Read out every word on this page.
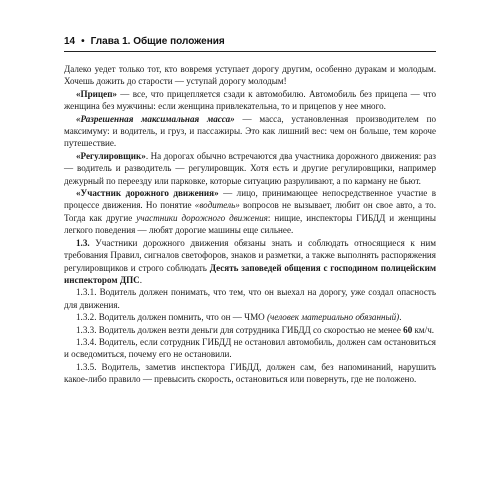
14 • Глава 1. Общие положения

Далеко уедет только тот, кто вовремя уступает дорогу другим, особенно дуракам и молодым. Хочешь дожить до старости — уступай дорогу молодым!

«Прицеп» — все, что прицепляется сзади к автомобилю. Автомобиль без прицепа — что женщина без мужчины: если женщина привлекательна, то и прицепов у нее много.

«Разрешенная максимальная масса» — масса, установленная производителем по максимуму: и водитель, и груз, и пассажиры. Это как лишний вес: чем он больше, тем короче путешествие.

«Регулировщик». На дорогах обычно встречаются два участника дорожного движения: раз — водитель и разводитель — регулировщик. Хотя есть и другие регулировщики, например дежурный по переезду или парковке, которые ситуацию разруливают, а по карману не бьют.

«Участник дорожного движения» — лицо, принимающее непосредственное участие в процессе движения. Но понятие «водитель» вопросов не вызывает, любит он свое авто, а то. Тогда как другие участники дорожного движения: нищие, инспекторы ГИБДД и женщины легкого поведения — любят дорогие машины еще сильнее.

1.3. Участники дорожного движения обязаны знать и соблюдать относящиеся к ним требования Правил, сигналов светофоров, знаков и разметки, а также выполнять распоряжения регулировщиков и строго соблюдать Десять заповедей общения с господином полицейским инспектором ДПС.

1.3.1. Водитель должен понимать, что тем, что он выехал на дорогу, уже создал опасность для движения.

1.3.2. Водитель должен помнить, что он — ЧМО (человек материально обязанный).

1.3.3. Водитель должен везти деньги для сотрудника ГИБДД со скоростью не менее 60 км/ч.

1.3.4. Водитель, если сотрудник ГИБДД не остановил автомобиль, должен сам остановиться и осведомиться, почему его не остановили.

1.3.5. Водитель, заметив инспектора ГИБДД, должен сам, без напоминаний, нарушить какое-либо правило — превысить скорость, остановиться или повернуть, где не положено.
